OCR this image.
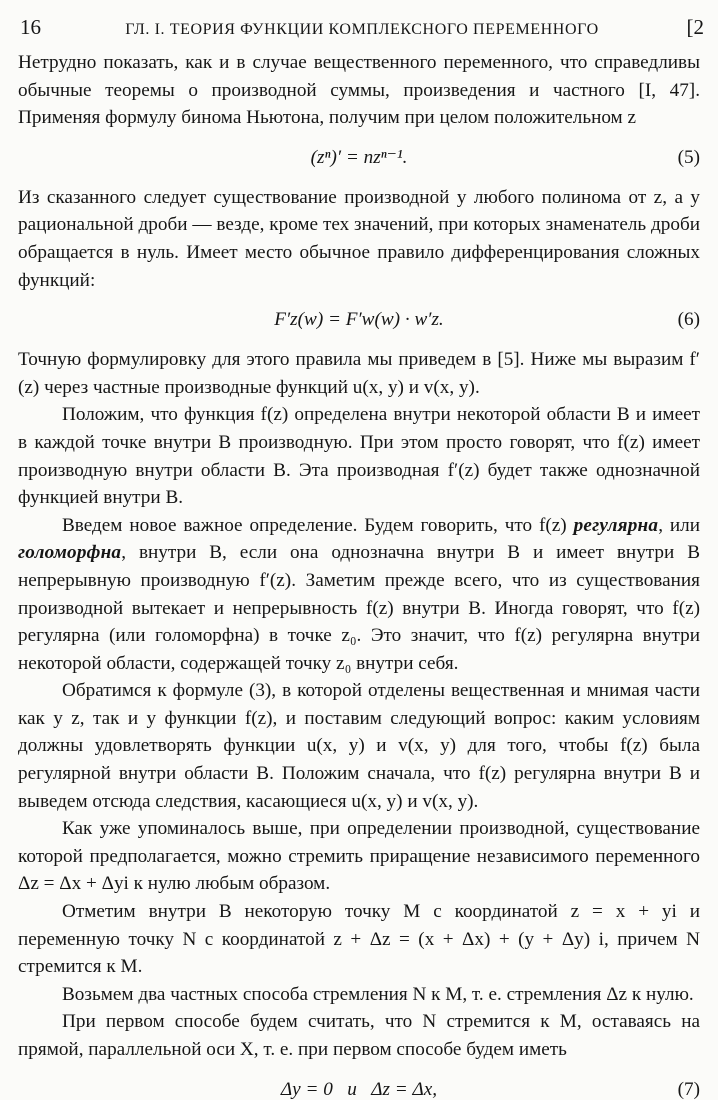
16	ГЛ. I. ТЕОРИЯ ФУНКЦИИ КОМПЛЕКСНОГО ПЕРЕМЕННОГО	[2

Нетрудно показать, как и в случае вещественного переменного, что справедливы обычные теоремы о производной суммы, произведения и частного [I, 47]. Применяя формулу бинома Ньютона, получим при целом положительном z

(zⁿ)′ = nzⁿ⁻¹.	(5)

Из сказанного следует существование производной у любого полинома от z, а у рациональной дроби — везде, кроме тех значений, при которых знаменатель дроби обращается в нуль. Имеет место обычное правило дифференцирования сложных функций:

F′z(w) = F′w(w) · w′z.	(6)

Точную формулировку для этого правила мы приведем в [5]. Ниже мы выразим f′(z) через частные производные функций u(x, y) и v(x, y).

Положим, что функция f(z) определена внутри некоторой области B и имеет в каждой точке внутри B производную. При этом просто говорят, что f(z) имеет производную внутри области B. Эта производная f′(z) будет также однозначной функцией внутри B.

Введем новое важное определение. Будем говорить, что f(z) регулярна, или голоморфна, внутри B, если она однозначна внутри B и имеет внутри B непрерывную производную f′(z). Заметим прежде всего, что из существования производной вытекает и непрерывность f(z) внутри B. Иногда говорят, что f(z) регулярна (или голоморфна) в точке z₀. Это значит, что f(z) регулярна внутри некоторой области, содержащей точку z₀ внутри себя.

Обратимся к формуле (3), в которой отделены вещественная и мнимая части как у z, так и у функции f(z), и поставим следующий вопрос: каким условиям должны удовлетворять функции u(x, y) и v(x, y) для того, чтобы f(z) была регулярной внутри области B. Положим сначала, что f(z) регулярна внутри B и выведем отсюда следствия, касающиеся u(x, y) и v(x, y).

Как уже упоминалось выше, при определении производной, существование которой предполагается, можно стремить приращение независимого переменного Δz = Δx + Δyi к нулю любым образом.

Отметим внутри B некоторую точку M с координатой z = x + yi и переменную точку N с координатой z + Δz = (x + Δx) + (y + Δy) i, причем N стремится к M.

Возьмем два частных способа стремления N к M, т. е. стремления Δz к нулю.

При первом способе будем считать, что N стремится к M, оставаясь на прямой, параллельной оси X, т. е. при первом способе будем иметь

Δy = 0   и   Δz = Δx,	(7)
